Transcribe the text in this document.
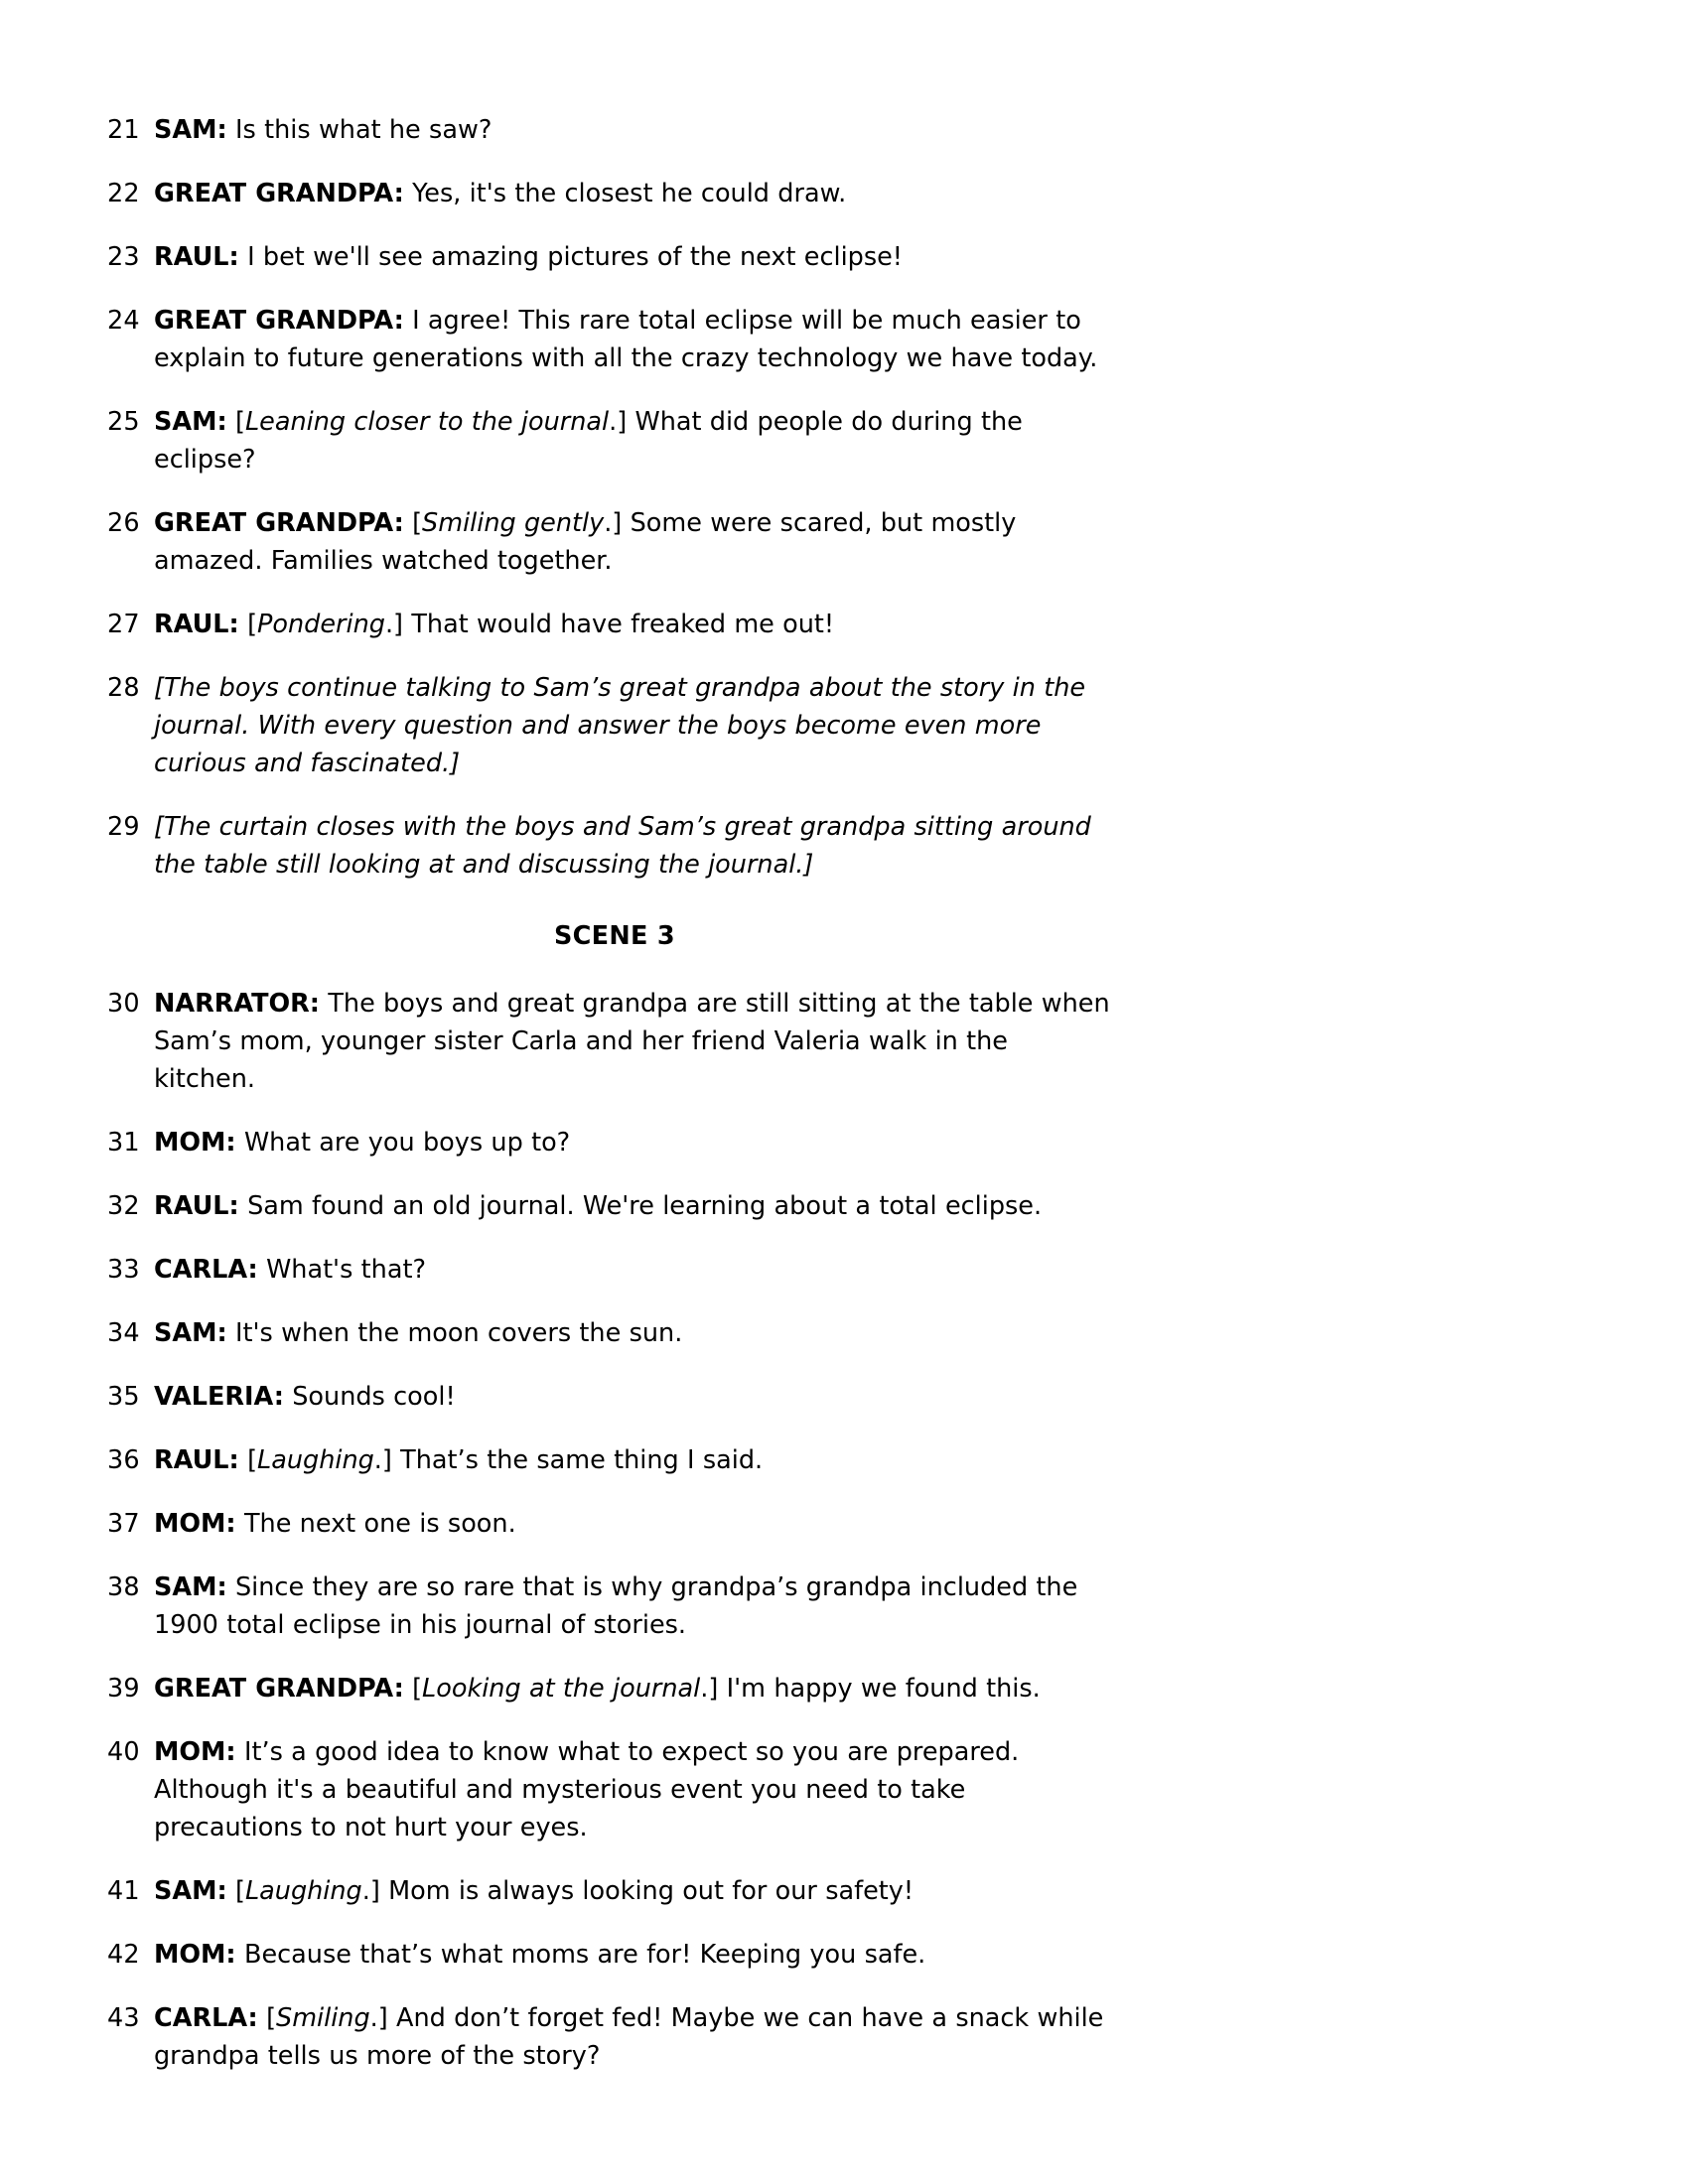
21 SAM: Is this what he saw?
22 GREAT GRANDPA: Yes, it's the closest he could draw.
23 RAUL: I bet we'll see amazing pictures of the next eclipse!
24 GREAT GRANDPA: I agree! This rare total eclipse will be much easier to explain to future generations with all the crazy technology we have today.
25 SAM: [Leaning closer to the journal.] What did people do during the eclipse?
26 GREAT GRANDPA: [Smiling gently.] Some were scared, but mostly amazed. Families watched together.
27 RAUL: [Pondering.] That would have freaked me out!
28 [The boys continue talking to Sam’s great grandpa about the story in the journal. With every question and answer the boys become even more curious and fascinated.]
29 [The curtain closes with the boys and Sam’s great grandpa sitting around the table still looking at and discussing the journal.]
SCENE 3
30 NARRATOR: The boys and great grandpa are still sitting at the table when Sam’s mom, younger sister Carla and her friend Valeria walk in the kitchen.
31 MOM: What are you boys up to?
32 RAUL: Sam found an old journal. We're learning about a total eclipse.
33 CARLA: What's that?
34 SAM: It's when the moon covers the sun.
35 VALERIA: Sounds cool!
36 RAUL: [Laughing.] That’s the same thing I said.
37 MOM: The next one is soon.
38 SAM: Since they are so rare that is why grandpa’s grandpa included the 1900 total eclipse in his journal of stories.
39 GREAT GRANDPA: [Looking at the journal.] I'm happy we found this.
40 MOM: It’s a good idea to know what to expect so you are prepared. Although it's a beautiful and mysterious event you need to take precautions to not hurt your eyes.
41 SAM: [Laughing.] Mom is always looking out for our safety!
42 MOM: Because that’s what moms are for! Keeping you safe.
43 CARLA: [Smiling.] And don’t forget fed! Maybe we can have a snack while grandpa tells us more of the story?
